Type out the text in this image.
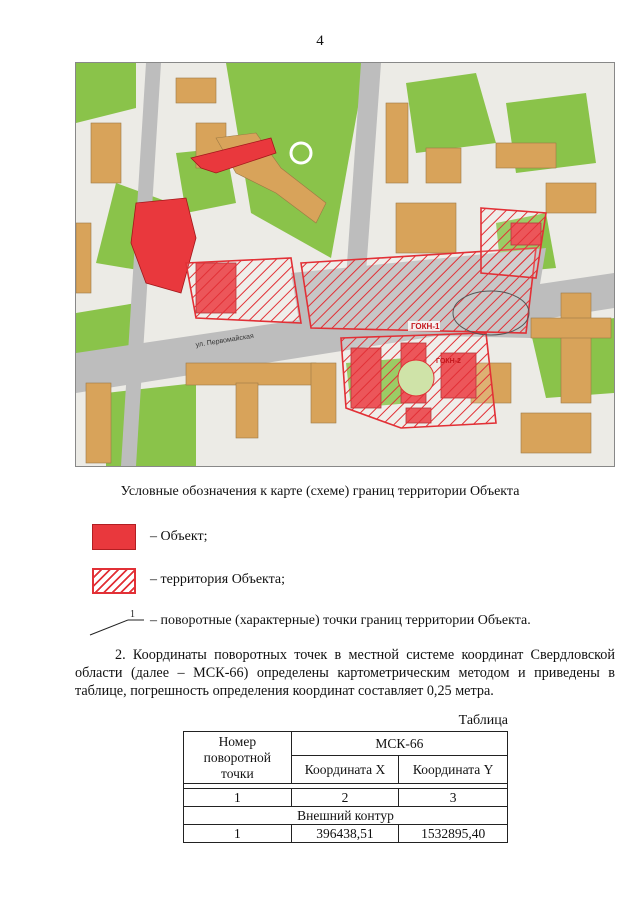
4
ГОКН-1
ГОКН-2
ул. Первомайская
Условные обозначения к карте (схеме) границ территории Объекта
– Объект;
– территория Объекта;
1 – поворотные (характерные) точки границ территории Объекта.
2. Координаты поворотных точек в местной системе координат Свердловской области (далее – МСК-66) определены картометрическим методом и приведены в таблице, погрешность определения координат составляет 0,25 метра.
Таблица
Номер поворотной точки	МСК-66	
	Координата X	Координата Y

1	2	3
Внешний контур		
1	396438,51	1532895,40
